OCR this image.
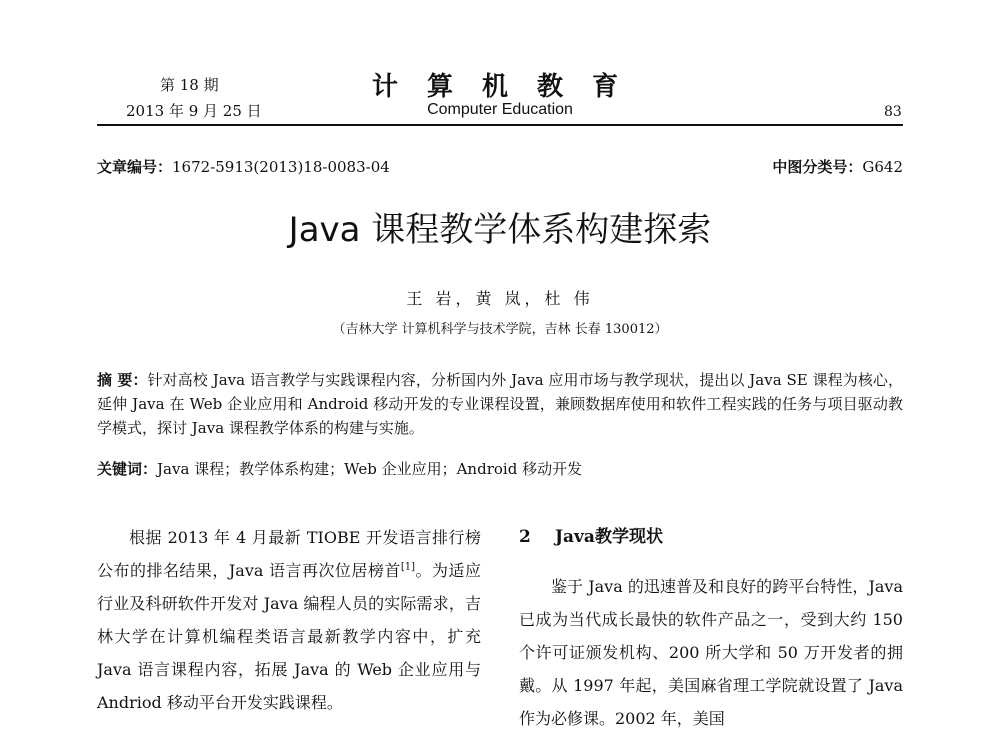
第 18 期
2013 年 9 月 25 日
计 算 机 教 育
Computer Education	83
文章编号：1672-5913(2013)18-0083-04	中图分类号：G642
Java 课程教学体系构建探索
王 岩，黄 岚，杜 伟
（吉林大学 计算机科学与技术学院，吉林 长春 130012）
摘 要：针对高校 Java 语言教学与实践课程内容，分析国内外 Java 应用市场与教学现状，提出以 Java SE 课程为核心，延伸 Java 在 Web 企业应用和 Android 移动开发的专业课程设置，兼顾数据库使用和软件工程实践的任务与项目驱动教学模式，探讨 Java 课程教学体系的构建与实施。
关键词：Java 课程；教学体系构建；Web 企业应用；Android 移动开发
根据 2013 年 4 月最新 TIOBE 开发语言排行榜公布的排名结果，Java 语言再次位居榜首[1]。为适应行业及科研软件开发对 Java 编程人员的实际需求，吉林大学在计算机编程类语言最新教学内容中，扩充 Java 语言课程内容，拓展 Java 的 Web 企业应用与 Andriod 移动平台开发实践课程。
2 Java教学现状
鉴于 Java 的迅速普及和良好的跨平台特性，Java 已成为当代成长最快的软件产品之一，受到大约 150 个许可证颁发机构、200 所大学和 50 万开发者的拥戴。从 1997 年起，美国麻省理工学院就设置了 Java 作为必修课。2002 年，美国
